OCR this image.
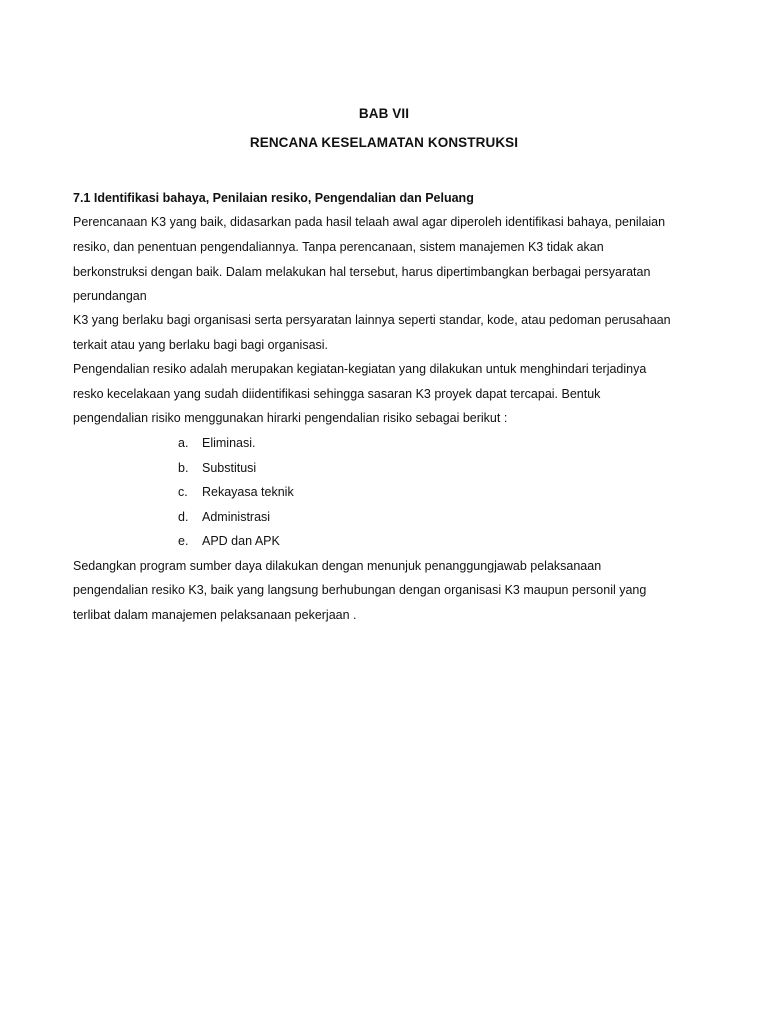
BAB VII
RENCANA KESELAMATAN KONSTRUKSI
7.1 Identifikasi bahaya, Penilaian resiko, Pengendalian dan Peluang
Perencanaan K3 yang baik, didasarkan pada hasil telaah awal agar diperoleh identifikasi bahaya, penilaian
resiko, dan penentuan pengendaliannya. Tanpa perencanaan, sistem manajemen K3 tidak akan
berkonstruksi dengan baik. Dalam melakukan hal tersebut, harus dipertimbangkan berbagai persyaratan
perundangan
K3 yang berlaku bagi organisasi serta persyaratan lainnya seperti standar, kode, atau pedoman perusahaan
terkait atau yang berlaku bagi bagi organisasi.
Pengendalian resiko adalah merupakan kegiatan-kegiatan yang dilakukan untuk menghindari terjadinya
resko kecelakaan yang sudah diidentifikasi sehingga sasaran K3 proyek dapat tercapai. Bentuk
pengendalian risiko menggunakan hirarki pengendalian risiko sebagai berikut :
a. Eliminasi.
b. Substitusi
c. Rekayasa teknik
d. Administrasi
e. APD dan APK
Sedangkan program sumber daya dilakukan dengan menunjuk penanggungjawab pelaksanaan
pengendalian resiko K3, baik yang langsung berhubungan dengan organisasi K3 maupun personil yang
terlibat dalam manajemen pelaksanaan pekerjaan .
